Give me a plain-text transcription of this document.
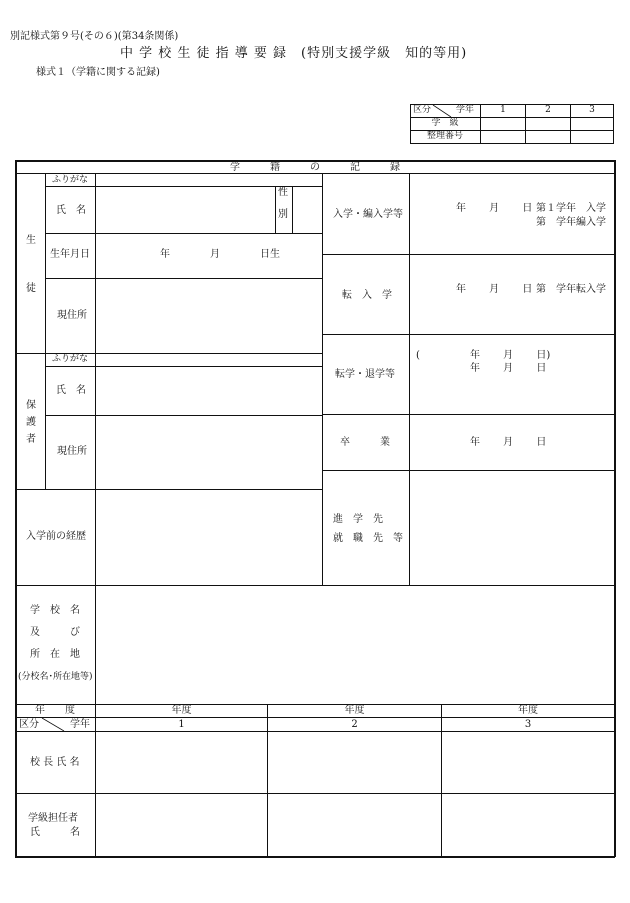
別記様式第９号(その６)(第34条関係)
中 学 校 生 徒 指 導 要 録　(特別支援学級　知的等用)
様式１（学籍に関する記録)
区分	学年	1	2	3
学　級
整理番号
学　　　籍　　　の　　　記　　　録
生
徒
ふりがな
氏　名
性
別
生年月日	年　　　　月　　　　日生
現住所
保
護
者
ふりがな
氏　名
現住所
入学前の経歴
入学・編入学等
年　　 月　　 日 第１学年　入学
第　学年編入学
転　入　学
年　　 月　　 日 第　学年転入学
転学・退学等
(	年　　 月　　 日)
年　　 月　　 日
卒　　　業	年　　 月　　 日
進　学　先
就　職　先　等
学　校　名
及　　　び
所　在　地
(分校名･所在地等)
年　　度	年度	年度	年度
区分	学年	1	2	3
校 長 氏 名
学級担任者
氏　　　名
